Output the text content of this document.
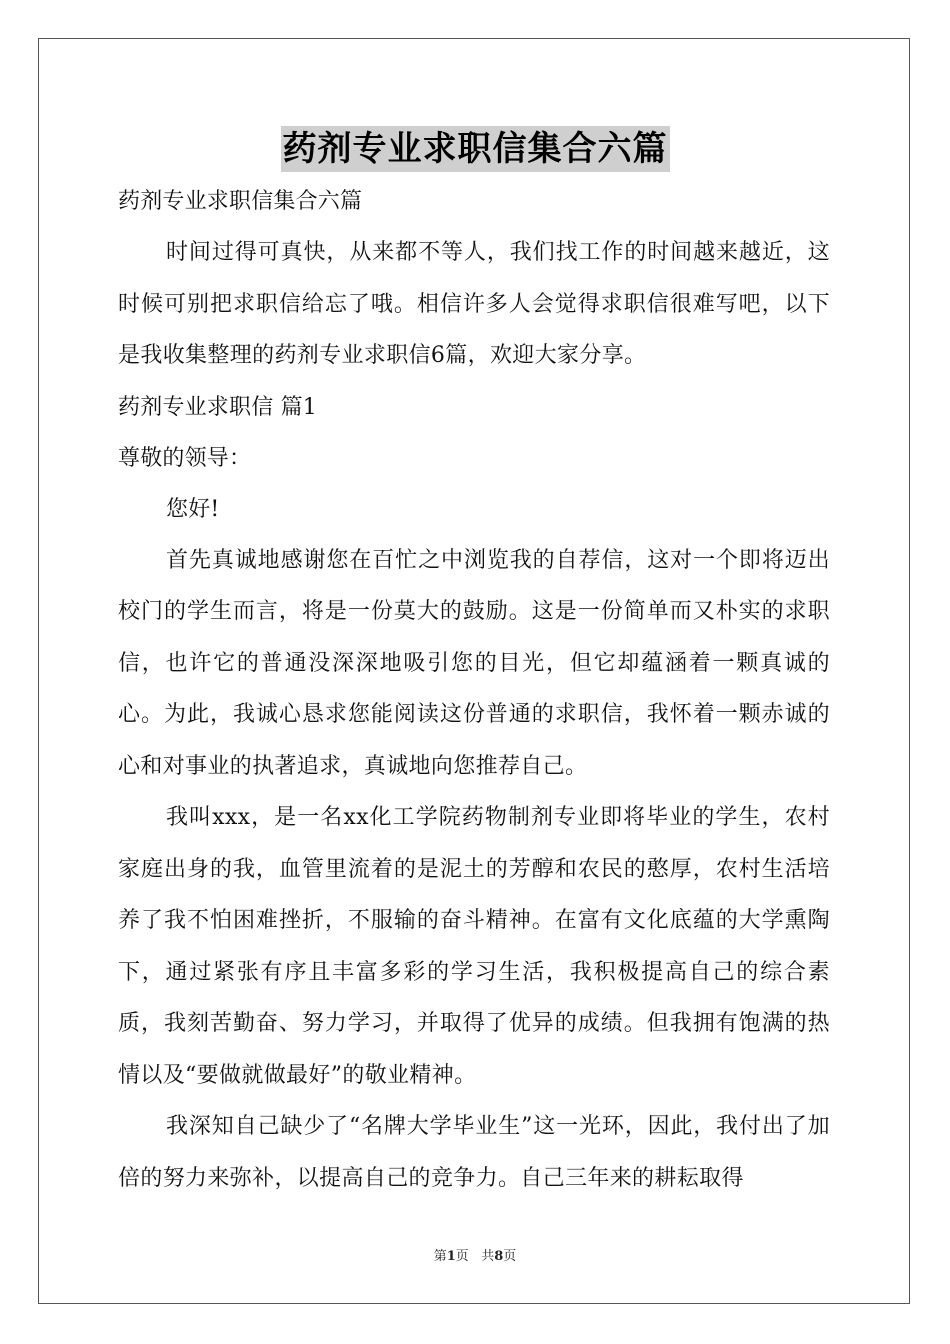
药剂专业求职信集合六篇
药剂专业求职信集合六篇
时间过得可真快，从来都不等人，我们找工作的时间越来越近，这时候可别把求职信给忘了哦。相信许多人会觉得求职信很难写吧，以下是我收集整理的药剂专业求职信6篇，欢迎大家分享。
药剂专业求职信 篇1
尊敬的领导：
您好!
首先真诚地感谢您在百忙之中浏览我的自荐信，这对一个即将迈出校门的学生而言，将是一份莫大的鼓励。这是一份简单而又朴实的求职信，也许它的普通没深深地吸引您的目光，但它却蕴涵着一颗真诚的心。为此，我诚心恳求您能阅读这份普通的求职信，我怀着一颗赤诚的心和对事业的执著追求，真诚地向您推荐自己。
我叫xxx，是一名xx化工学院药物制剂专业即将毕业的学生，农村家庭出身的我，血管里流着的是泥土的芳醇和农民的憨厚，农村生活培养了我不怕困难挫折，不服输的奋斗精神。在富有文化底蕴的大学熏陶下，通过紧张有序且丰富多彩的学习生活，我积极提高自己的综合素质，我刻苦勤奋、努力学习，并取得了优异的成绩。但我拥有饱满的热情以及“要做就做最好”的敬业精神。
我深知自己缺少了“名牌大学毕业生”这一光环，因此，我付出了加倍的努力来弥补，以提高自己的竞争力。自己三年来的耕耘取得
第1页   共8页
